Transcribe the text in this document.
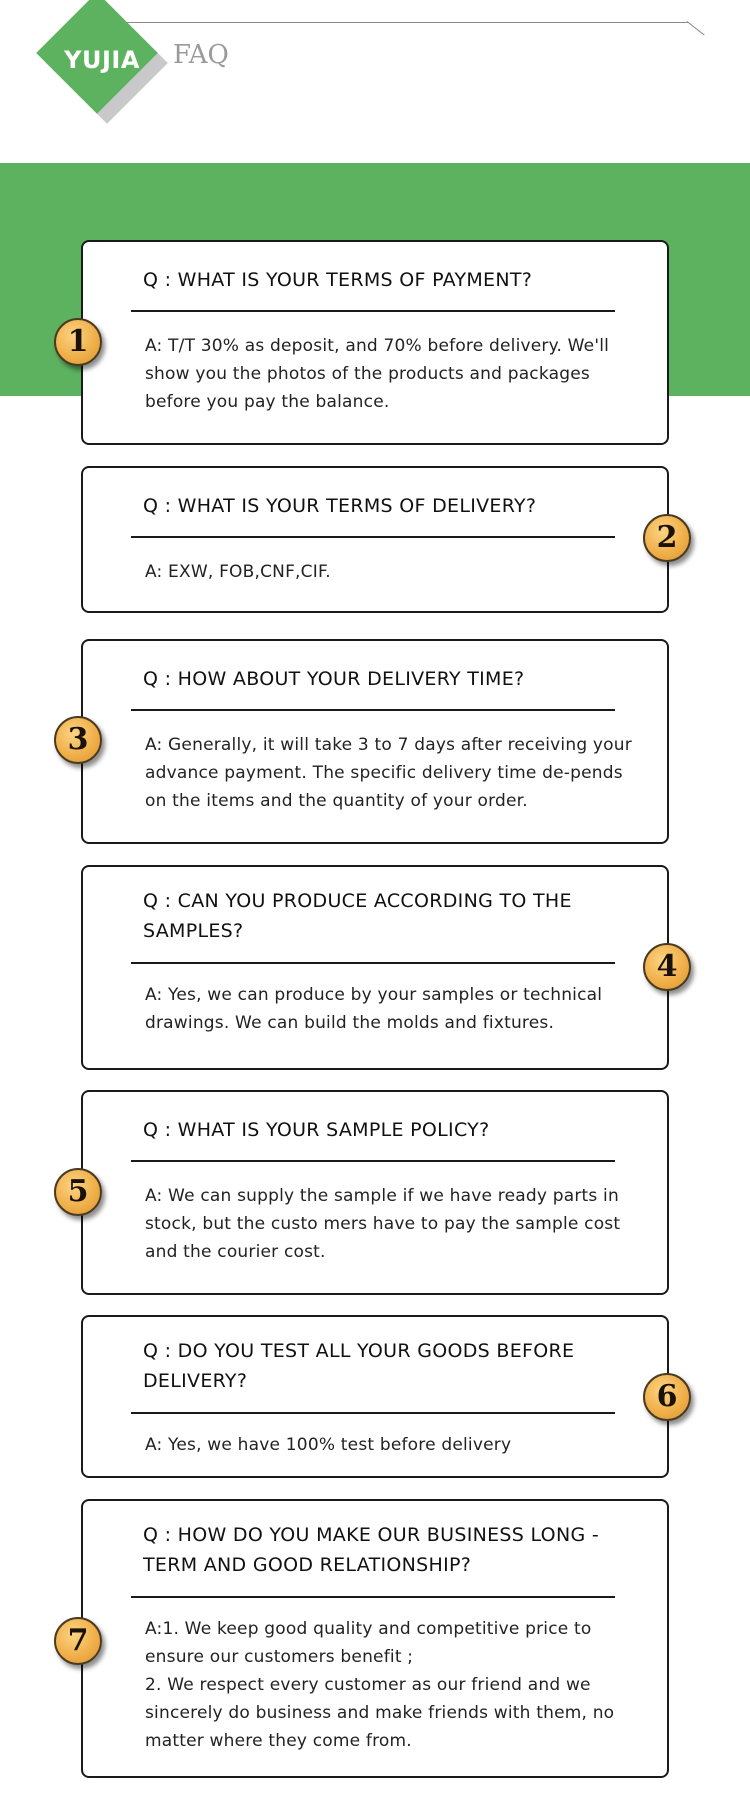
YUJIA	FAQ
Q : WHAT IS YOUR TERMS OF PAYMENT?
A: T/T 30% as deposit, and 70% before delivery. We'll show you the photos of the products and packages before you pay the balance.
1
Q : WHAT IS YOUR TERMS OF DELIVERY?
A: EXW, FOB,CNF,CIF.
2
Q : HOW ABOUT YOUR DELIVERY TIME?
A: Generally, it will take 3 to 7 days after receiving your advance payment. The specific delivery time de-pends on the items and the quantity of your order.
3
Q : CAN YOU PRODUCE ACCORDING TO THE SAMPLES?
A: Yes, we can produce by your samples or technical drawings. We can build the molds and fixtures.
4
Q : WHAT IS YOUR SAMPLE POLICY?
A: We can supply the sample if we have ready parts in stock, but the custo mers have to pay the sample cost and the courier cost.
5
Q : DO YOU TEST ALL YOUR GOODS BEFORE DELIVERY?
A: Yes, we have 100% test before delivery
6
Q : HOW DO YOU MAKE OUR BUSINESS LONG -TERM AND GOOD RELATIONSHIP?
A:1. We keep good quality and competitive price to ensure our customers benefit ;
2. We respect every customer as our friend and we sincerely do business and make friends with them, no matter where they come from.
7
